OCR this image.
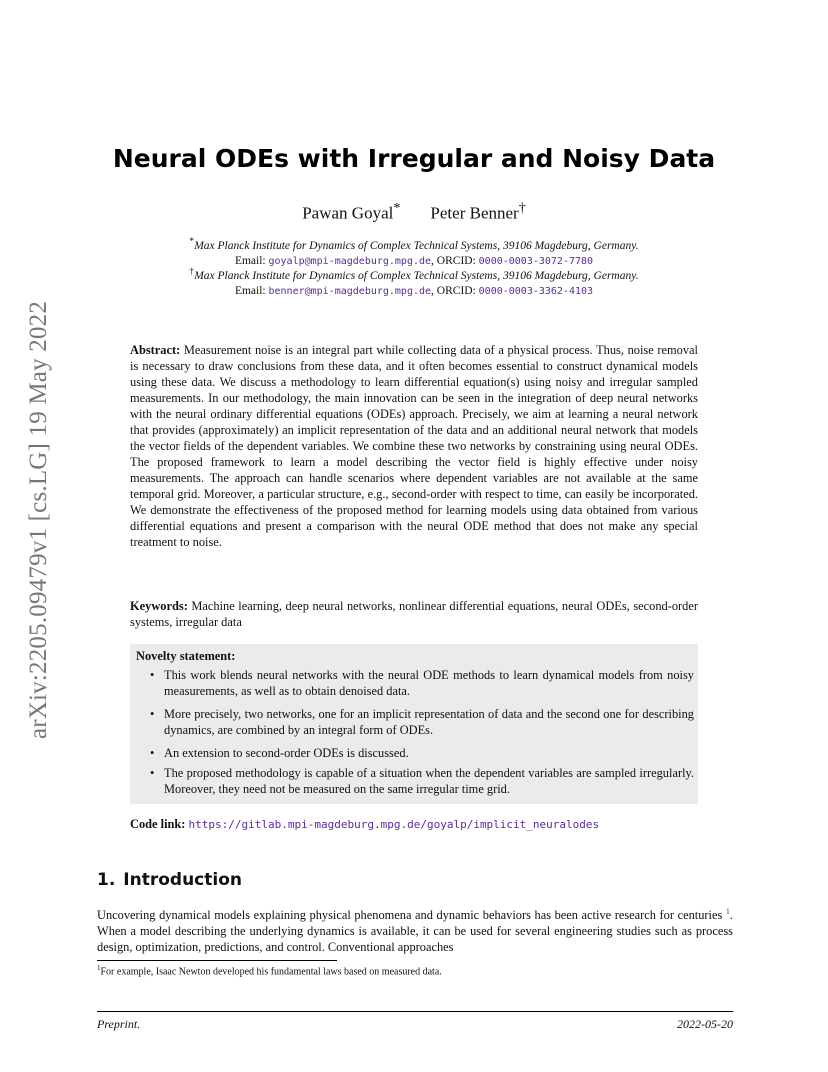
arXiv:2205.09479v1 [cs.LG] 19 May 2022
Neural ODEs with Irregular and Noisy Data
Pawan Goyal* Peter Benner†
*Max Planck Institute for Dynamics of Complex Technical Systems, 39106 Magdeburg, Germany.
Email: goyalp@mpi-magdeburg.mpg.de, ORCID: 0000-0003-3072-7780
†Max Planck Institute for Dynamics of Complex Technical Systems, 39106 Magdeburg, Germany.
Email: benner@mpi-magdeburg.mpg.de, ORCID: 0000-0003-3362-4103
Abstract: Measurement noise is an integral part while collecting data of a physical process. Thus, noise removal is necessary to draw conclusions from these data, and it often becomes essential to construct dynamical models using these data. We discuss a methodology to learn differential equation(s) using noisy and irregular sampled measurements. In our methodology, the main innovation can be seen in the integration of deep neural networks with the neural ordinary differential equations (ODEs) approach. Precisely, we aim at learning a neural network that provides (approximately) an implicit representation of the data and an additional neural network that models the vector fields of the dependent variables. We combine these two networks by constraining using neural ODEs. The proposed framework to learn a model describing the vector field is highly effective under noisy measurements. The approach can handle scenarios where dependent variables are not available at the same temporal grid. Moreover, a particular structure, e.g., second-order with respect to time, can easily be incorporated. We demonstrate the effectiveness of the proposed method for learning models using data obtained from various differential equations and present a comparison with the neural ODE method that does not make any special treatment to noise.
Keywords: Machine learning, deep neural networks, nonlinear differential equations, neural ODEs, second-order systems, irregular data
Novelty statement:
• This work blends neural networks with the neural ODE methods to learn dynamical models from noisy measurements, as well as to obtain denoised data.
• More precisely, two networks, one for an implicit representation of data and the second one for describing dynamics, are combined by an integral form of ODEs.
• An extension to second-order ODEs is discussed.
• The proposed methodology is capable of a situation when the dependent variables are sampled irregularly. Moreover, they need not be measured on the same irregular time grid.
Code link: https://gitlab.mpi-magdeburg.mpg.de/goyalp/implicit_neuralodes
1. Introduction
Uncovering dynamical models explaining physical phenomena and dynamic behaviors has been active research for centuries $^1$. When a model describing the underlying dynamics is available, it can be used for several engineering studies such as process design, optimization, predictions, and control. Conventional approaches
$^1$For example, Isaac Newton developed his fundamental laws based on measured data.
Preprint.	2022-05-20
